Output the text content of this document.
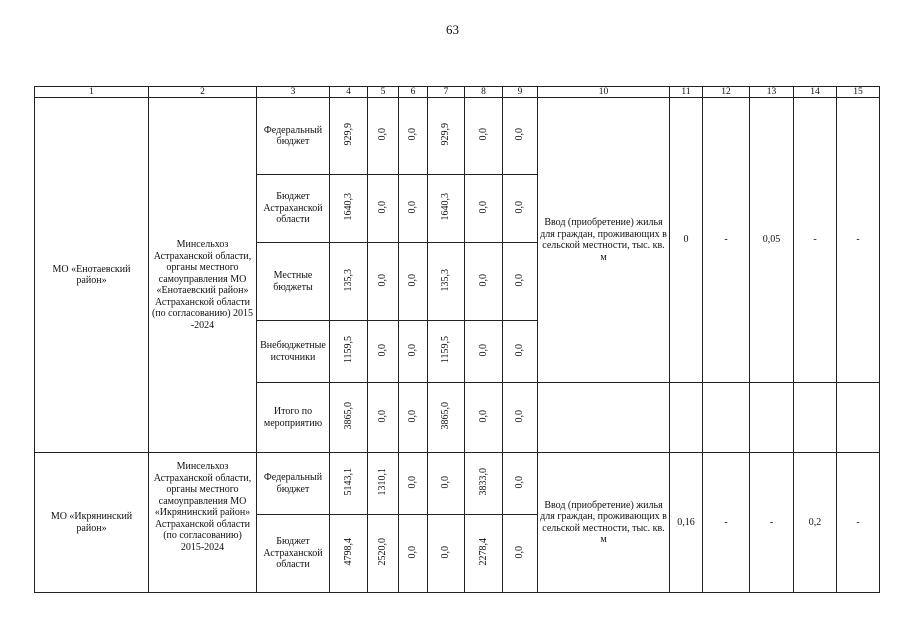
63
1	2	3	4	5	6	7	8	9	10	11	12	13	14	15
МО «Енотаевский район»	Минсельхоз Астраханской области, органы местного самоуправления МО «Енотаевский район» Астраханской области (по согласованию) 2015 -2024	Федеральный бюджет	929,9	0,0	0,0	929,9	0,0	0,0	Ввод (приобретение) жилья для граждан, проживающих в сельской местности, тыс. кв. м	0	-	0,05	-	-
		Бюджет Астраханской области	1640,3	0,0	0,0	1640,3	0,0	0,0						
		Местные бюджеты	135,3	0,0	0,0	135,3	0,0	0,0						
		Внебюджетные источники	1159,5	0,0	0,0	1159,5	0,0	0,0						
		Итого по мероприятию	3865,0	0,0	0,0	3865,0	0,0	0,0						
МО «Икрянинский район»	Минсельхоз Астраханской области, органы местного самоуправления МО «Икрянинский район» Астраханской области (по согласованию) 2015-2024	Федеральный бюджет	5143,1	1310,1	0,0	0,0	3833,0	0,0	Ввод (приобретение) жилья для граждан, проживающих в сельской местности, тыс. кв. м	0,16	-	-	0,2	-
		Бюджет Астраханской области	4798,4	2520,0	0,0	0,0	2278,4	0,0						
